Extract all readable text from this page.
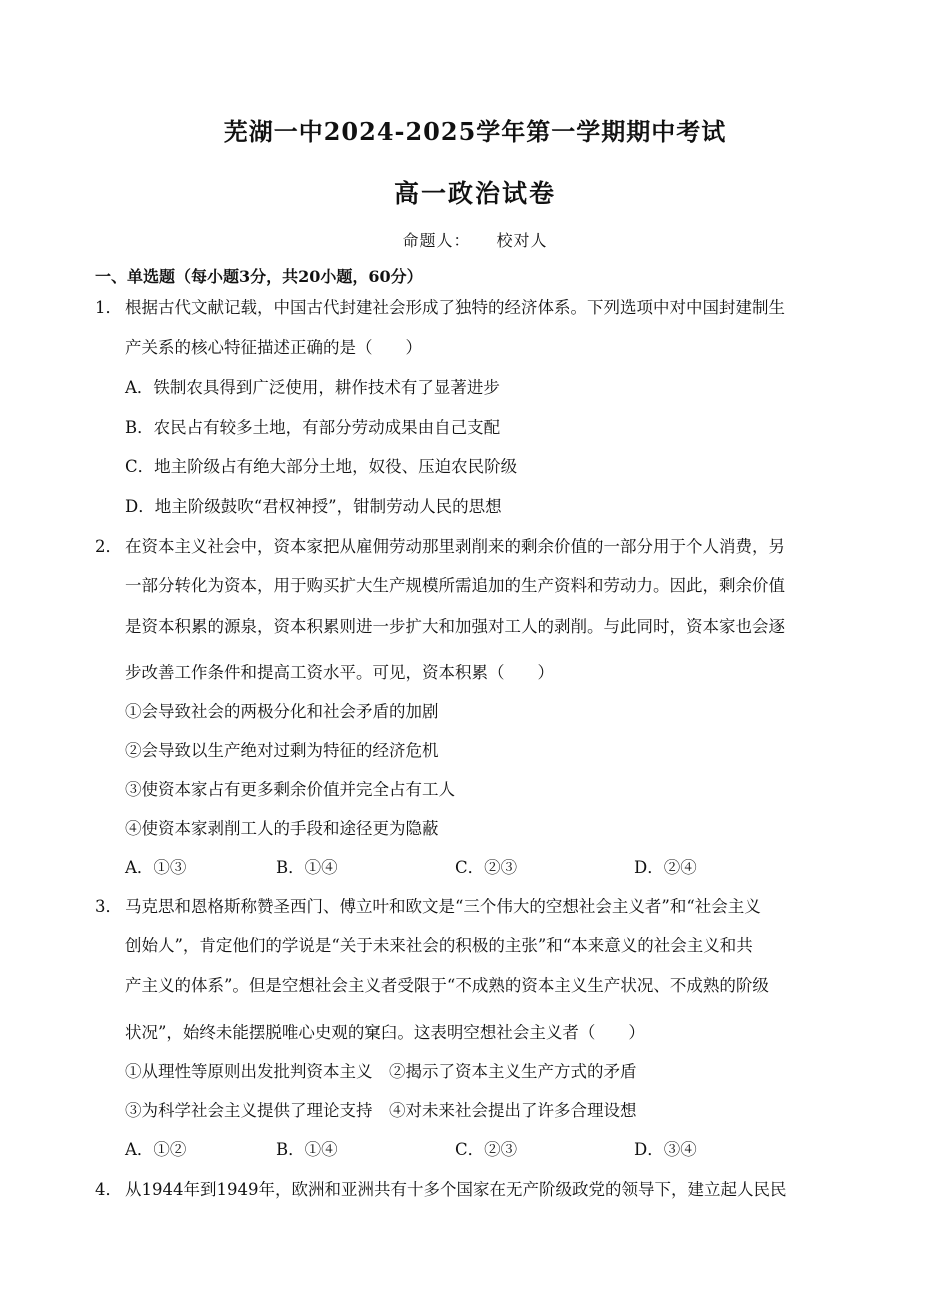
芜湖一中2024-2025学年第一学期期中考试
高一政治试卷
命题人： 校对人
一、单选题（每小题3分，共20小题，60分）
1． 根据古代文献记载，中国古代封建社会形成了独特的经济体系。下列选项中对中国封建制生
产关系的核心特征描述正确的是（　　）
A．铁制农具得到广泛使用，耕作技术有了显著进步
B．农民占有较多土地，有部分劳动成果由自己支配
C．地主阶级占有绝大部分土地，奴役、压迫农民阶级
D．地主阶级鼓吹“君权神授”，钳制劳动人民的思想
2． 在资本主义社会中，资本家把从雇佣劳动那里剥削来的剩余价值的一部分用于个人消费，另
一部分转化为资本，用于购买扩大生产规模所需追加的生产资料和劳动力。因此，剩余价值
是资本积累的源泉，资本积累则进一步扩大和加强对工人的剥削。与此同时，资本家也会逐
步改善工作条件和提高工资水平。可见，资本积累（　　）
①会导致社会的两极分化和社会矛盾的加剧
②会导致以生产绝对过剩为特征的经济危机
③使资本家占有更多剩余价值并完全占有工人
④使资本家剥削工人的手段和途径更为隐蔽
A．①③	B．①④	C．②③	D．②④
3． 马克思和恩格斯称赞圣西门、傅立叶和欧文是“三个伟大的空想社会主义者”和“社会主义
创始人”，肯定他们的学说是“关于未来社会的积极的主张”和“本来意义的社会主义和共
产主义的体系”。但是空想社会主义者受限于“不成熟的资本主义生产状况、不成熟的阶级
状况”，始终未能摆脱唯心史观的窠臼。这表明空想社会主义者（　　）
①从理性等原则出发批判资本主义　②揭示了资本主义生产方式的矛盾
③为科学社会主义提供了理论支持　④对未来社会提出了许多合理设想
A．①②	B．①④	C．②③	D．③④
4． 从1944年到1949年，欧洲和亚洲共有十多个国家在无产阶级政党的领导下，建立起人民民
